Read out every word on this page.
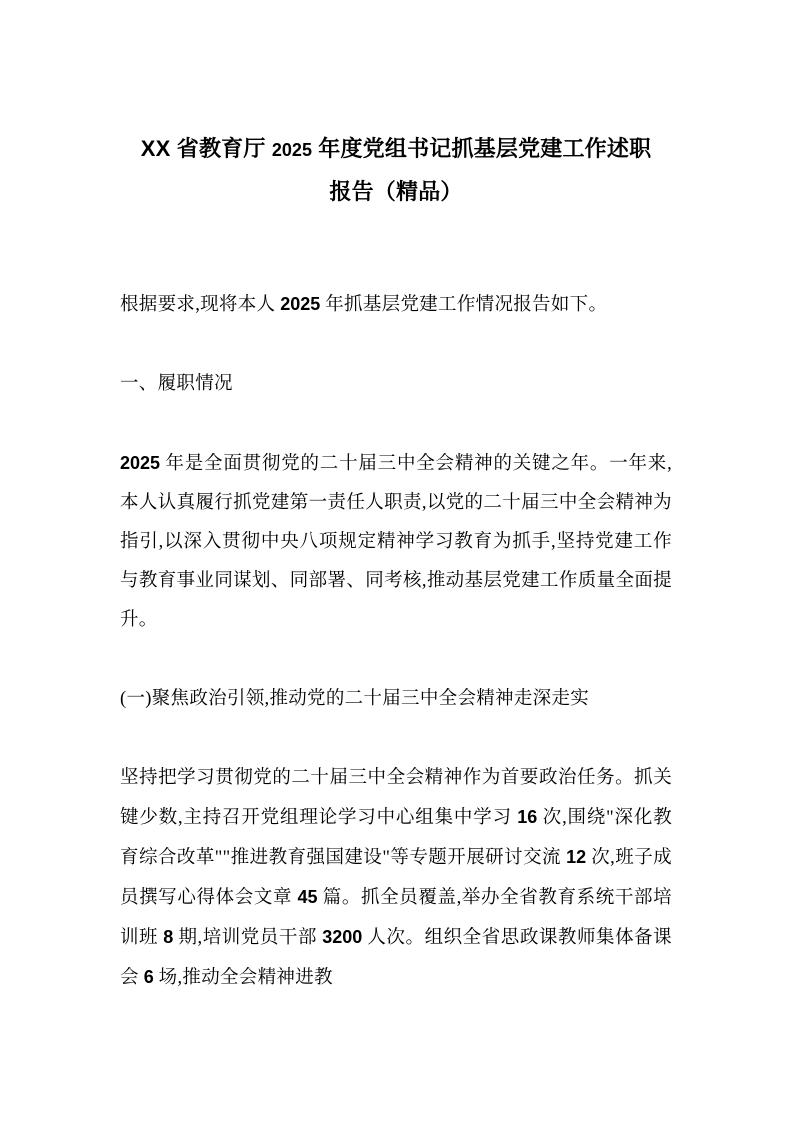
XX 省教育厅 2025 年度党组书记抓基层党建工作述职
报告（精品）

根据要求,现将本人 2025 年抓基层党建工作情况报告如下。

一、履职情况

2025 年是全面贯彻党的二十届三中全会精神的关键之年。一年来,本人认真履行抓党建第一责任人职责,以党的二十届三中全会精神为指引,以深入贯彻中央八项规定精神学习教育为抓手,坚持党建工作与教育事业同谋划、同部署、同考核,推动基层党建工作质量全面提升。

(一)聚焦政治引领,推动党的二十届三中全会精神走深走实

坚持把学习贯彻党的二十届三中全会精神作为首要政治任务。抓关键少数,主持召开党组理论学习中心组集中学习 16 次,围绕"深化教育综合改革""推进教育强国建设"等专题开展研讨交流 12 次,班子成员撰写心得体会文章 45 篇。抓全员覆盖,举办全省教育系统干部培训班 8 期,培训党员干部 3200 人次。组织全省思政课教师集体备课会 6 场,推动全会精神进教
